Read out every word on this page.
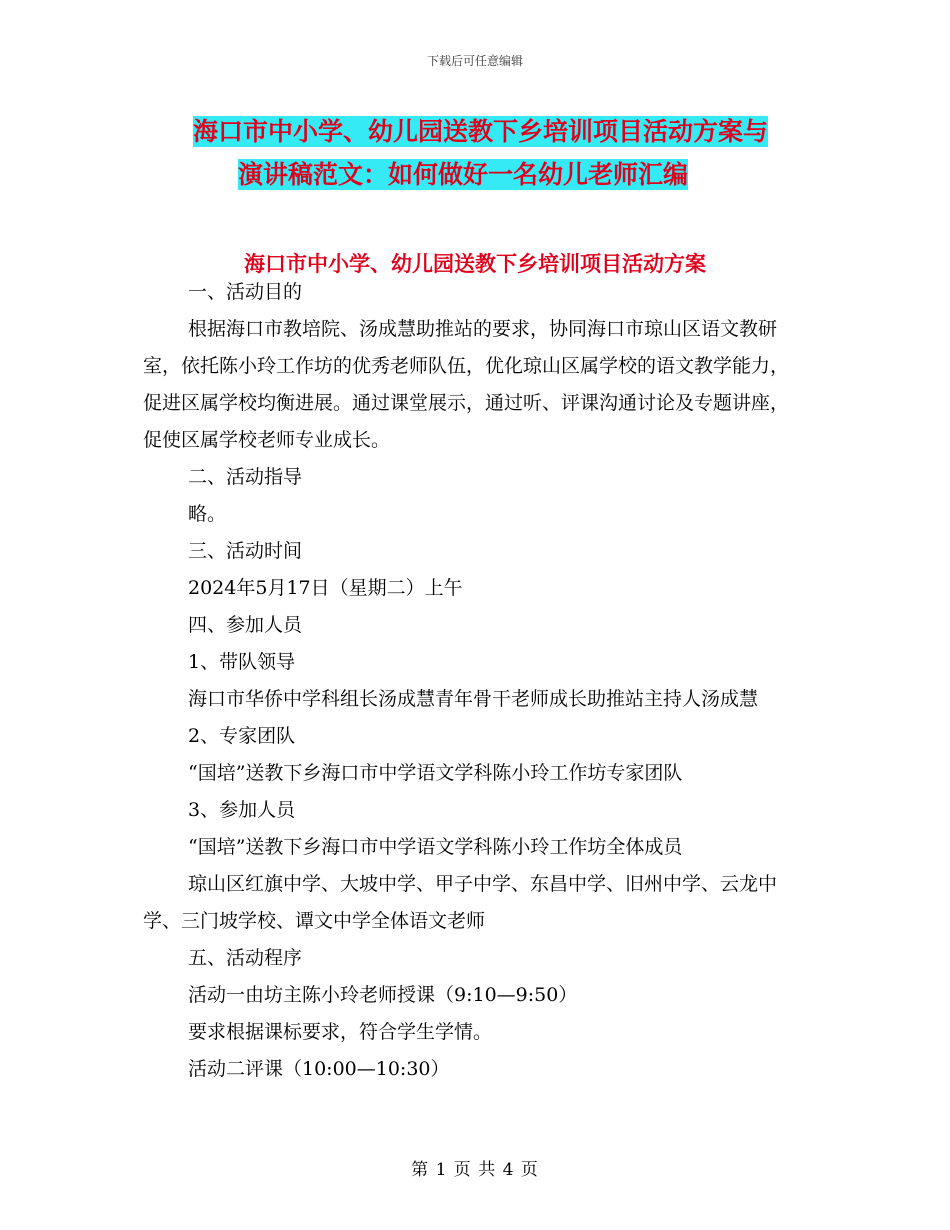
下载后可任意编辑
海口市中小学、幼儿园送教下乡培训项目活动方案与
演讲稿范文：如何做好一名幼儿老师汇编
海口市中小学、幼儿园送教下乡培训项目活动方案

一、活动目的

根据海口市教培院、汤成慧助推站的要求，协同海口市琼山区语文教研室，依托陈小玲工作坊的优秀老师队伍，优化琼山区属学校的语文教学能力，促进区属学校均衡进展。通过课堂展示，通过听、评课沟通讨论及专题讲座，促使区属学校老师专业成长。

二、活动指导

略。

三、活动时间

2024年5月17日（星期二）上午

四、参加人员

1、带队领导

海口市华侨中学科组长汤成慧青年骨干老师成长助推站主持人汤成慧

2、专家团队

“国培”送教下乡海口市中学语文学科陈小玲工作坊专家团队

3、参加人员

“国培”送教下乡海口市中学语文学科陈小玲工作坊全体成员

琼山区红旗中学、大坡中学、甲子中学、东昌中学、旧州中学、云龙中学、三门坡学校、谭文中学全体语文老师

五、活动程序

活动一由坊主陈小玲老师授课（9:10—9:50）

要求根据课标要求，符合学生学情。

活动二评课（10:00—10:30）

第 1 页 共 4 页
